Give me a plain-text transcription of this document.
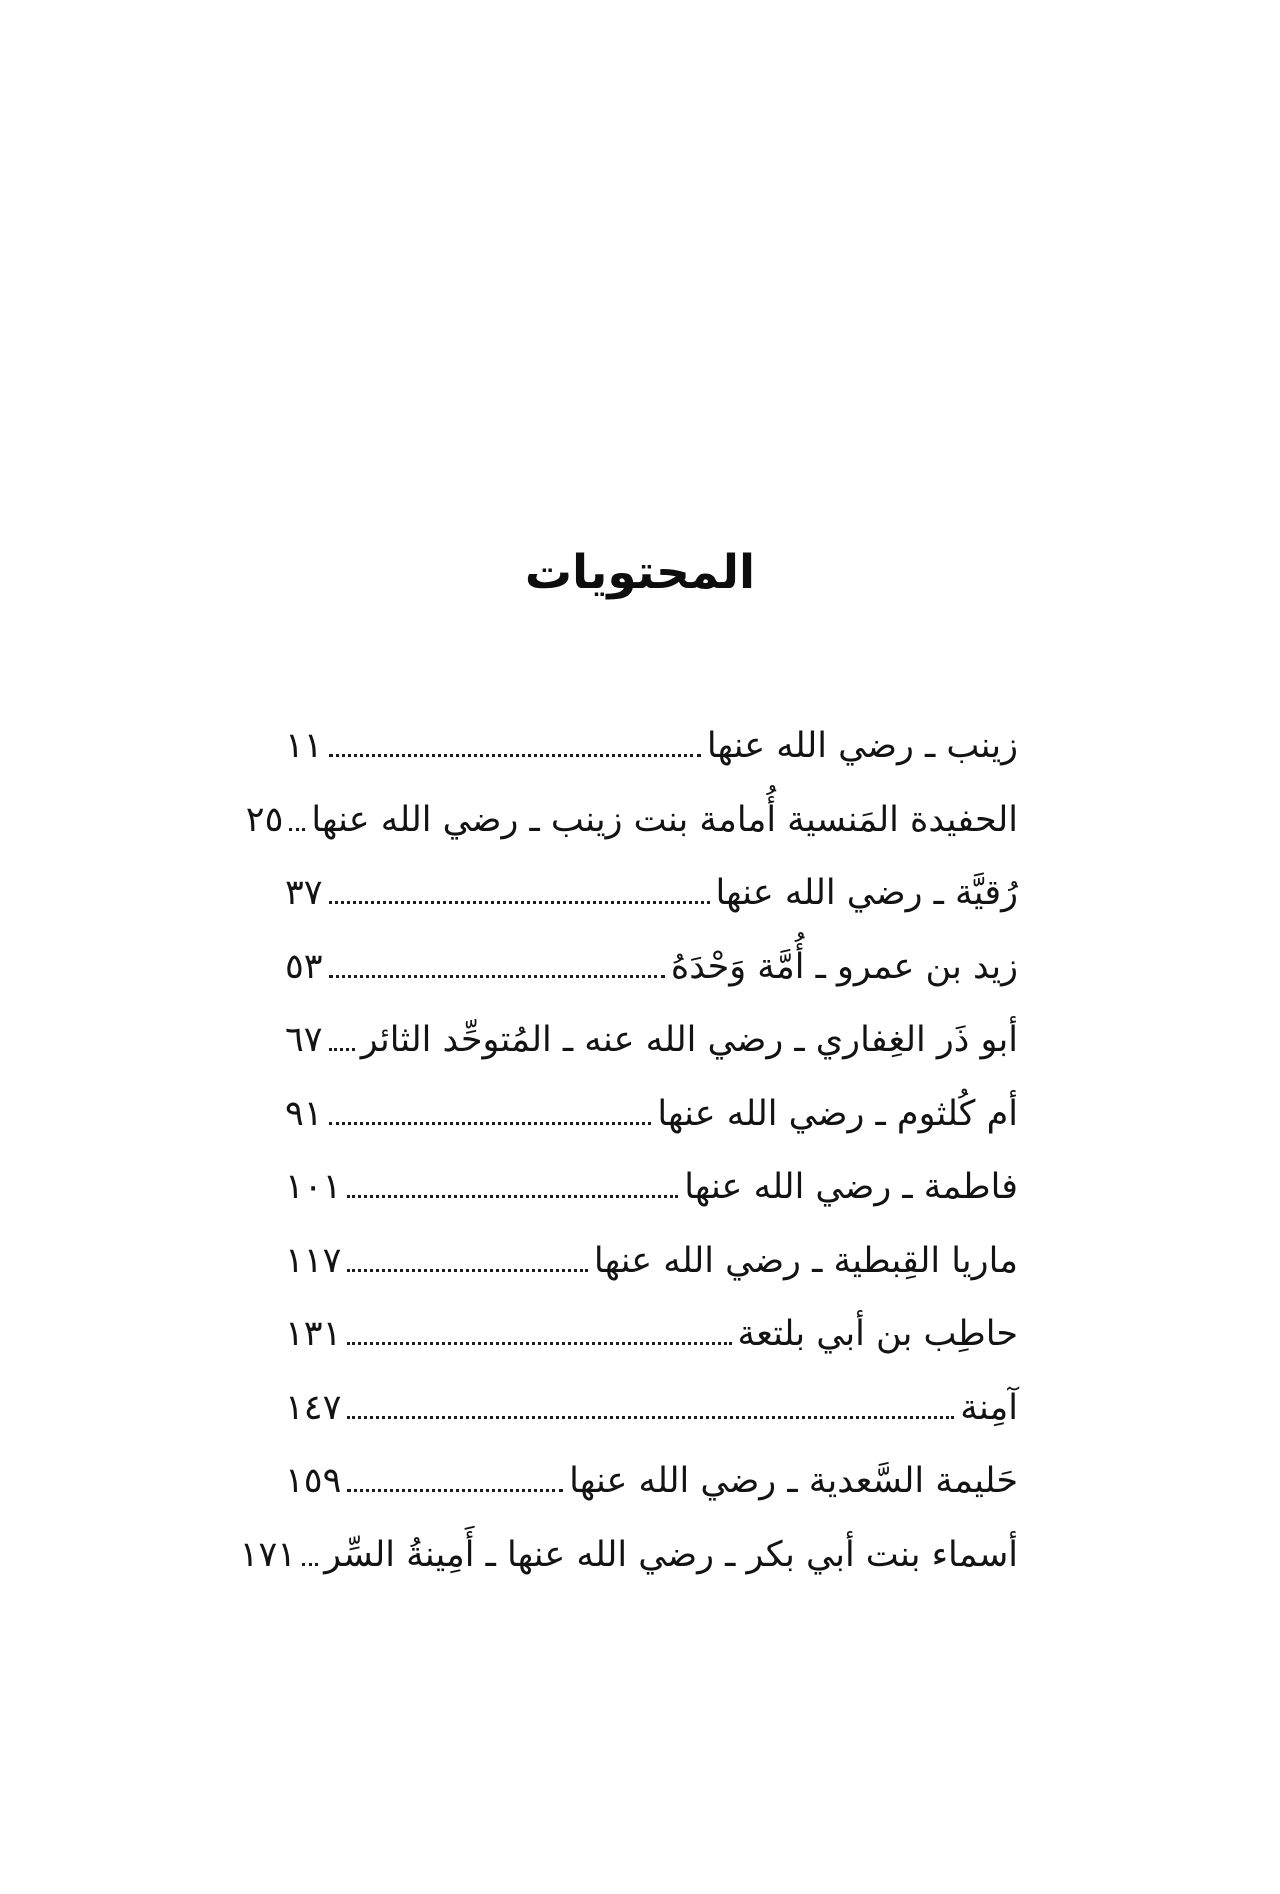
المحتويات
زينب ـ رضي الله عنها
١١
الحفيدة المَنسية أُمامة بنت زينب ـ رضي الله عنها
٢٥
رُقيَّة ـ رضي الله عنها
٣٧
زيد بن عمرو ـ أُمَّة وَحْدَهُ
٥٣
أبو ذَر الغِفاري ـ رضي الله عنه ـ المُتوحِّد الثائر
٦٧
أم كُلثوم ـ رضي الله عنها
٩١
فاطمة ـ رضي الله عنها
١٠١
ماريا القِبطية ـ رضي الله عنها
١١٧
حاطِب بن أبي بلتعة
١٣١
آمِنة
١٤٧
حَليمة السَّعدية ـ رضي الله عنها
١٥٩
أسماء بنت أبي بكر ـ رضي الله عنها ـ أَمِينةُ السِّر
١٧١
